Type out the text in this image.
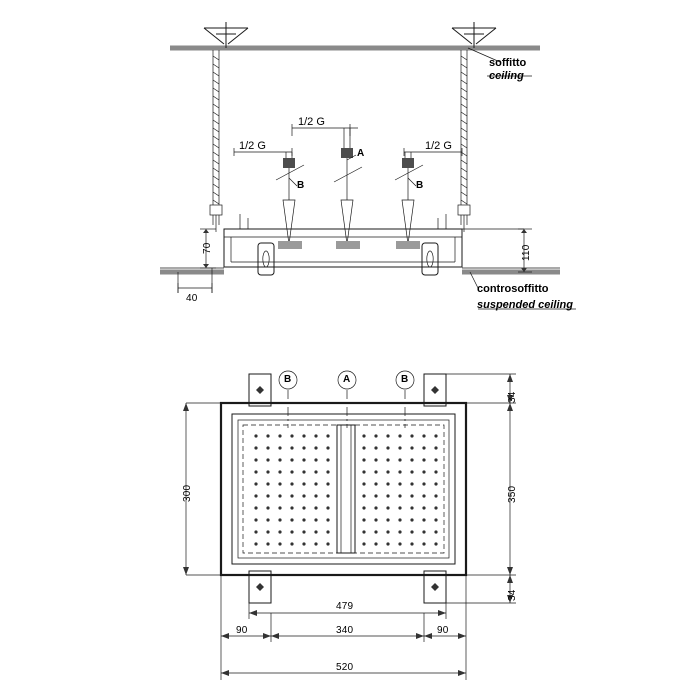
soffitto
ceiling
controsoffitto
suspended ceiling
1/2 G
1/2 G
1/2 G
A
B	B
70	110
40
B	A	B
300
34
350
34
479
90	340	90
520
